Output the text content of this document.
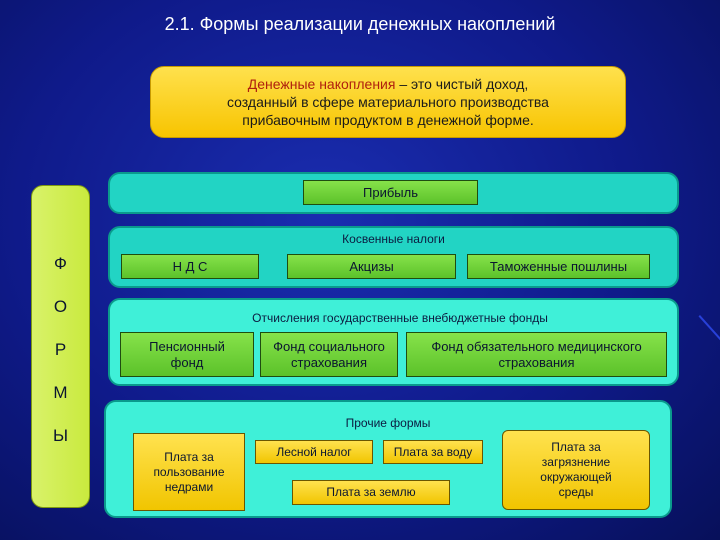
2.1. Формы реализации денежных накоплений
Денежные накопления – это чистый доход,
созданный в сфере материального производства
прибавочным продуктом в денежной форме.
Ф
О
Р
М
Ы
Прибыль
Косвенные налоги
Н Д С	Акцизы	Таможенные пошлины
Отчисления государственные внебюджетные фонды
Пенсионный
фонд
Фонд социального
страхования
Фонд обязательного медицинского
страхования
Прочие формы
Плата за
пользование
недрами
Лесной налог	Плата за воду
Плата за землю
Плата за
загрязнение
окружающей
среды
